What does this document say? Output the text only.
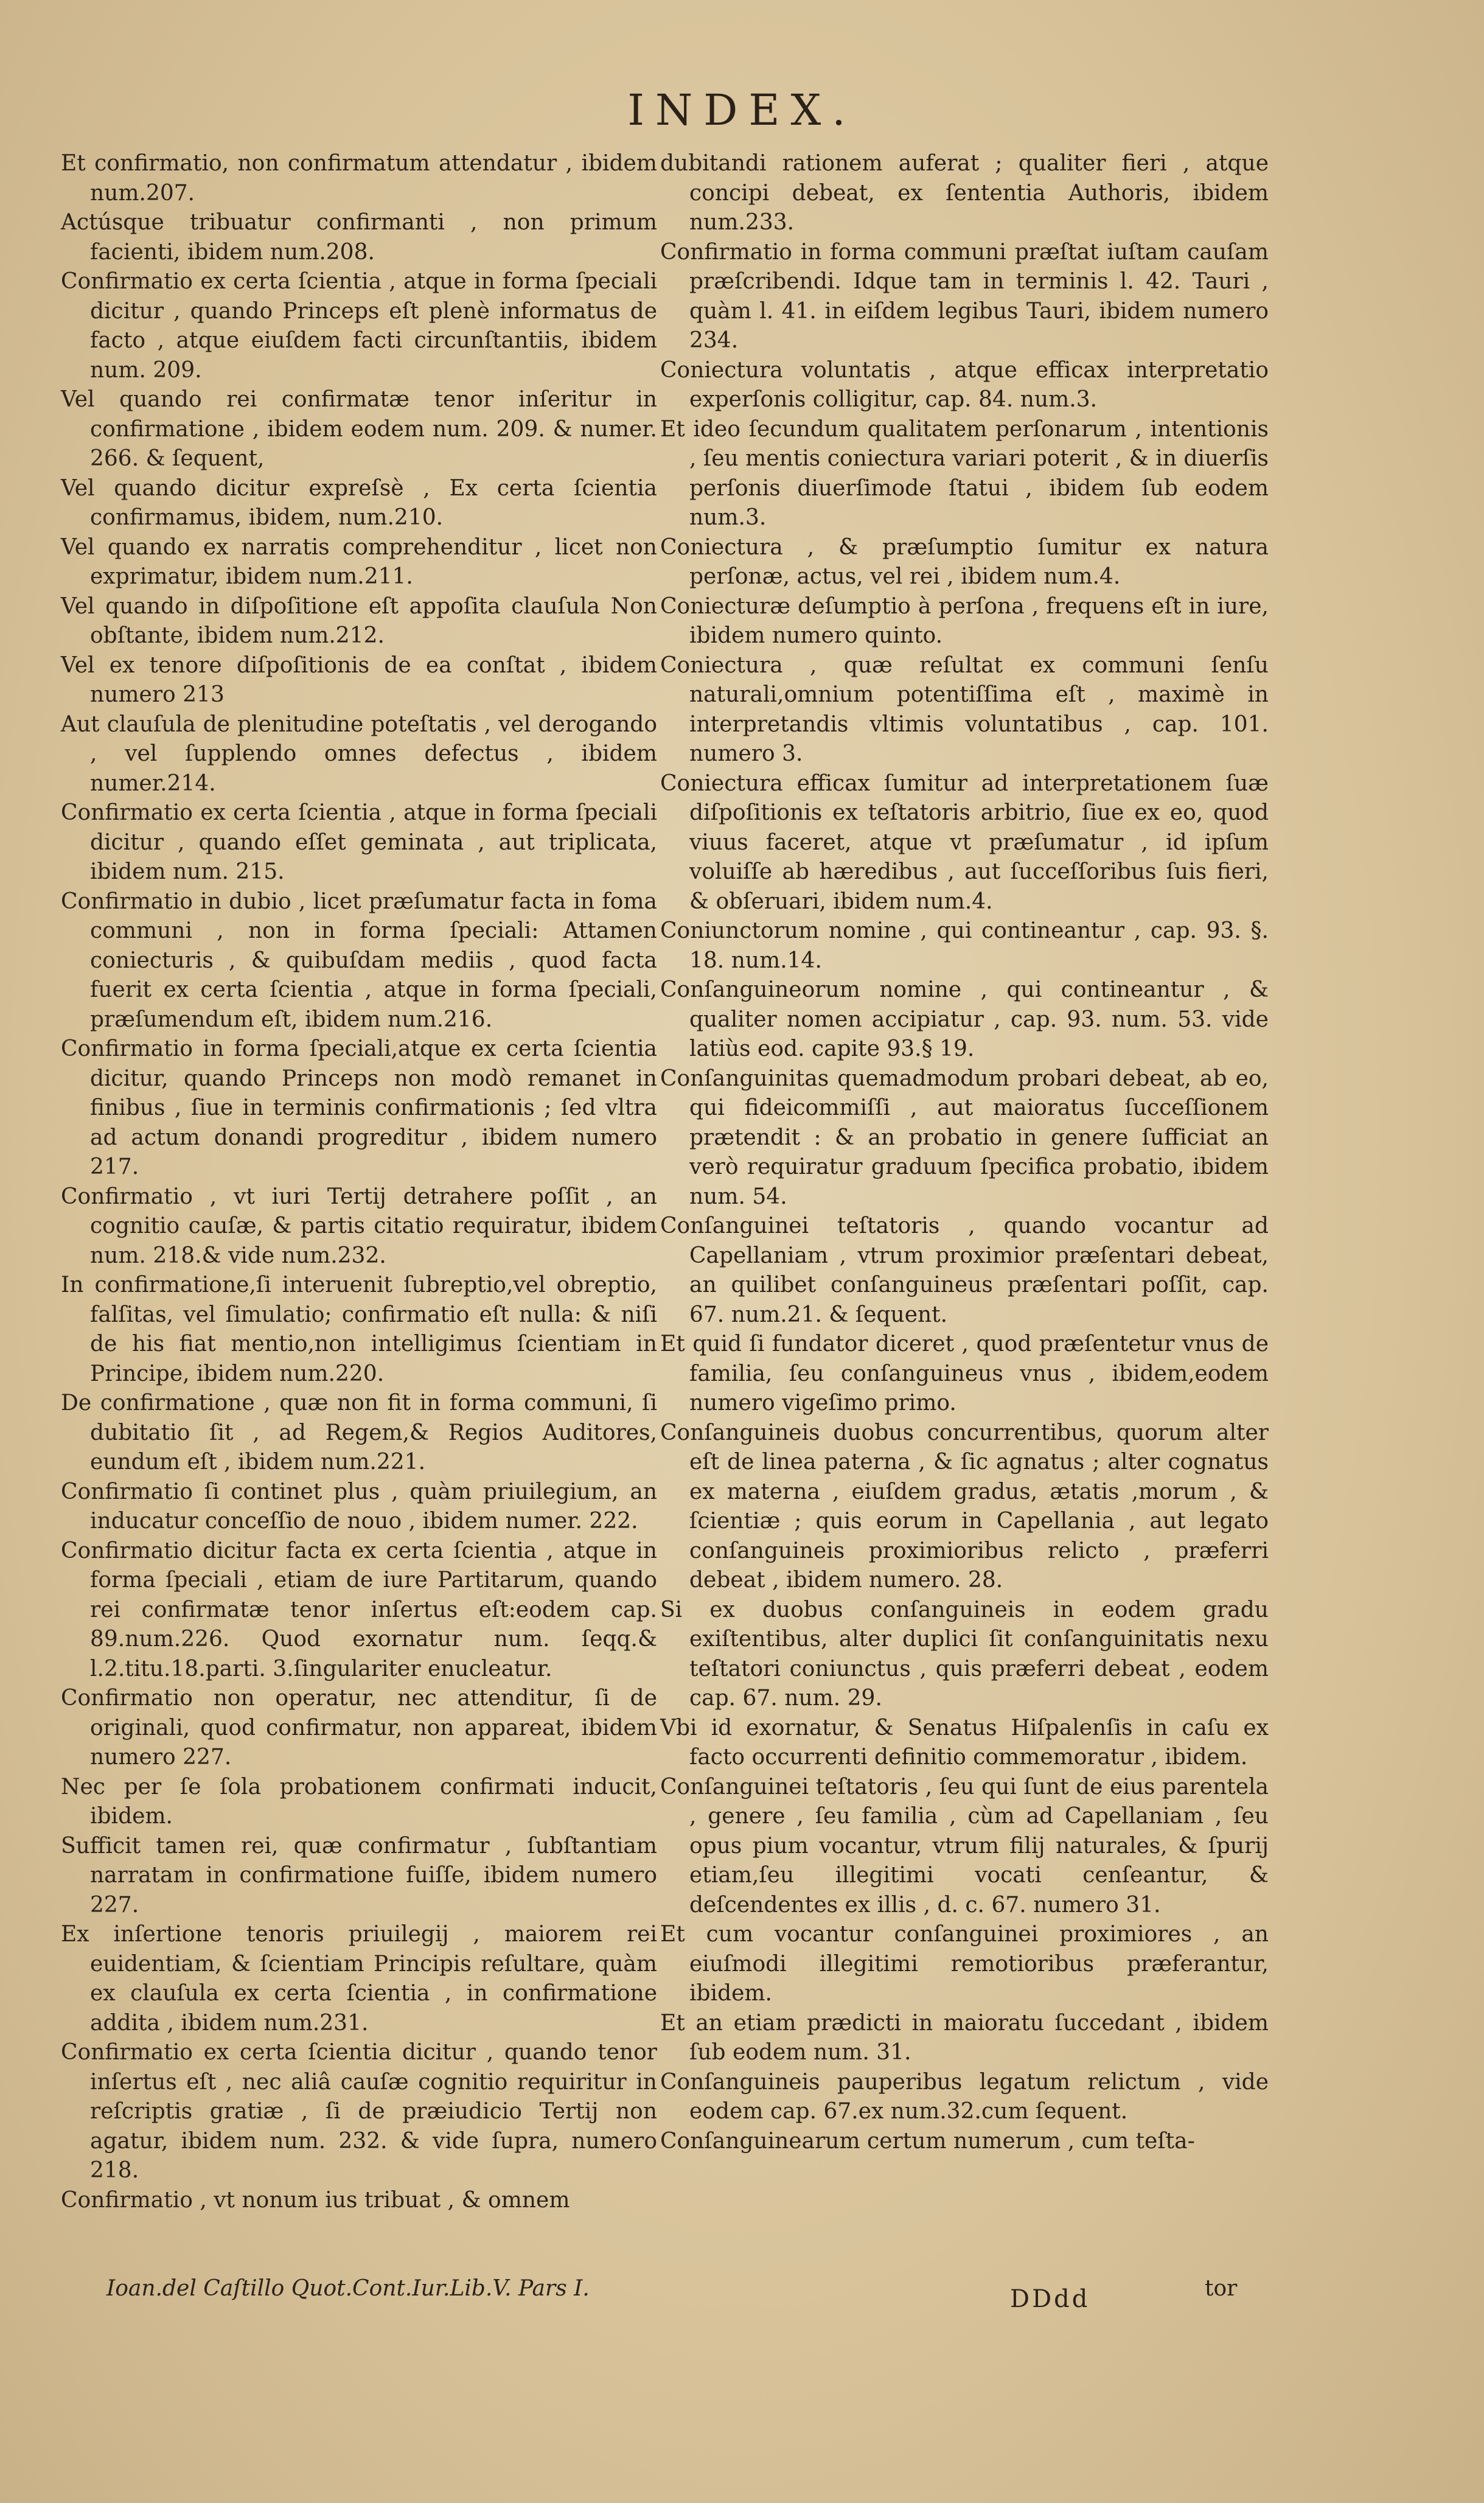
INDEX.
Et confirmatio, non confirmatum attendatur , ibidem num.207.
Actúsque tribuatur confirmanti , non primum facienti, ibidem num.208.
Confirmatio ex certa ſcientia , atque in forma ſpeciali dicitur , quando Princeps eſt plenè informatus de facto , atque eiuſdem facti circunſtantiis, ibidem num. 209.
Vel quando rei confirmatæ tenor inſeritur in confirmatione , ibidem eodem num. 209. & numer. 266. & ſequent,
Vel quando dicitur expreſsè , Ex certa ſcientia confirmamus, ibidem, num.210.
Vel quando ex narratis comprehenditur , licet non exprimatur, ibidem num.211.
Vel quando in diſpoſitione eſt appoſita clauſula Non obſtante, ibidem num.212.
Vel ex tenore diſpoſitionis de ea conſtat , ibidem numero 213
Aut clauſula de plenitudine poteſtatis , vel derogando , vel ſupplendo omnes defectus , ibidem numer.214.
Confirmatio ex certa ſcientia , atque in forma ſpeciali dicitur , quando eſſet geminata , aut triplicata, ibidem num. 215.
Confirmatio in dubio , licet præſumatur facta in foma communi , non in forma ſpeciali: Attamen coniecturis , & quibuſdam mediis , quod facta fuerit ex certa ſcientia , atque in forma ſpeciali, præſumendum eſt, ibidem num.216.
Confirmatio in forma ſpeciali,atque ex certa ſcientia dicitur, quando Princeps non modò remanet in finibus , ſiue in terminis confirmationis ; ſed vltra ad actum donandi progreditur , ibidem numero 217.
Confirmatio , vt iuri Tertij detrahere poſſit , an cognitio cauſæ, & partis citatio requiratur, ibidem num. 218.& vide num.232.
In confirmatione,ſi interuenit ſubreptio,vel obreptio, falſitas, vel ſimulatio; confirmatio eſt nulla: & niſi de his fiat mentio,non intelligimus ſcientiam in Principe, ibidem num.220.
De confirmatione , quæ non fit in forma communi, ſi dubitatio ſit , ad Regem,& Regios Auditores, eundum eſt , ibidem num.221.
Confirmatio ſi continet plus , quàm priuilegium, an inducatur conceſſio de nouo , ibidem numer. 222.
Confirmatio dicitur facta ex certa ſcientia , atque in forma ſpeciali , etiam de iure Partitarum, quando rei confirmatæ tenor inſertus eſt:eodem cap. 89.num.226. Quod exornatur num. ſeqq.& l.2.titu.18.parti. 3.ſingulariter enucleatur.
Confirmatio non operatur, nec attenditur, ſi de originali, quod confirmatur, non appareat, ibidem numero 227.
Nec per ſe ſola probationem confirmati inducit, ibidem.
Sufficit tamen rei, quæ confirmatur , ſubſtantiam narratam in confirmatione fuiſſe, ibidem numero 227.
Ex inſertione tenoris priuilegij , maiorem rei euidentiam, & ſcientiam Principis reſultare, quàm ex clauſula ex certa ſcientia , in confirmatione addita , ibidem num.231.
Confirmatio ex certa ſcientia dicitur , quando tenor inſertus eſt , nec aliâ cauſæ cognitio requiritur in reſcriptis gratiæ , ſi de præiudicio Tertij non agatur, ibidem num. 232. & vide ſupra, numero 218.
Confirmatio , vt nonum ius tribuat , & omnem
dubitandi rationem auferat ; qualiter fieri , atque concipi debeat, ex ſententia Authoris, ibidem num.233.
Confirmatio in forma communi præſtat iuſtam cauſam præſcribendi. Idque tam in terminis l. 42. Tauri , quàm l. 41. in eiſdem legibus Tauri, ibidem numero 234.
Coniectura voluntatis , atque efficax interpretatio experſonis colligitur, cap. 84. num.3.
Et ideo ſecundum qualitatem perſonarum , intentionis , ſeu mentis coniectura variari poterit , & in diuerſis perſonis diuerſimode ſtatui , ibidem ſub eodem num.3.
Coniectura , & præſumptio ſumitur ex natura perſonæ, actus, vel rei , ibidem num.4.
Coniecturæ deſumptio à perſona , frequens eſt in iure, ibidem numero quinto.
Coniectura , quæ reſultat ex communi ſenſu naturali,omnium potentiſſima eſt , maximè in interpretandis vltimis voluntatibus , cap. 101. numero 3.
Coniectura efficax ſumitur ad interpretationem ſuæ diſpoſitionis ex teſtatoris arbitrio, ſiue ex eo, quod viuus faceret, atque vt præſumatur , id ipſum voluiſſe ab hæredibus , aut ſucceſſoribus ſuis fieri, & obſeruari, ibidem num.4.
Coniunctorum nomine , qui contineantur , cap. 93. §. 18. num.14.
Conſanguineorum nomine , qui contineantur , & qualiter nomen accipiatur , cap. 93. num. 53. vide latiùs eod. capite 93.§ 19.
Conſanguinitas quemadmodum probari debeat, ab eo, qui fideicommiſſi , aut maioratus ſucceſſionem prætendit : & an probatio in genere ſufficiat an verò requiratur graduum ſpecifica probatio, ibidem num. 54.
Conſanguinei teſtatoris , quando vocantur ad Capellaniam , vtrum proximior præſentari debeat, an quilibet conſanguineus præſentari poſſit, cap. 67. num.21. & ſequent.
Et quid ſi fundator diceret , quod præſentetur vnus de familia, ſeu conſanguineus vnus , ibidem,eodem numero vigeſimo primo.
Conſanguineis duobus concurrentibus, quorum alter eſt de linea paterna , & ſic agnatus ; alter cognatus ex materna , eiuſdem gradus, ætatis ,morum , & ſcientiæ ; quis eorum in Capellania , aut legato conſanguineis proximioribus relicto , præferri debeat , ibidem numero. 28.
Si ex duobus conſanguineis in eodem gradu exiſtentibus, alter duplici ſit conſanguinitatis nexu teſtatori coniunctus , quis præferri debeat , eodem cap. 67. num. 29.
Vbi id exornatur, & Senatus Hiſpalenſis in caſu ex facto occurrenti definitio commemoratur , ibidem.
Conſanguinei teſtatoris , ſeu qui ſunt de eius parentela , genere , ſeu familia , cùm ad Capellaniam , ſeu opus pium vocantur, vtrum filij naturales, & ſpurij etiam,ſeu illegitimi vocati cenſeantur, & deſcendentes ex illis , d. c. 67. numero 31.
Et cum vocantur conſanguinei proximiores , an eiuſmodi illegitimi remotioribus præferantur, ibidem.
Et an etiam prædicti in maioratu ſuccedant , ibidem ſub eodem num. 31.
Conſanguineis pauperibus legatum relictum , vide eodem cap. 67.ex num.32.cum ſequent.
Conſanguinearum certum numerum , cum teſta-
Ioan.del Caſtillo Quot.Cont.Iur.Lib.V. Pars I.	DDdd	tor
